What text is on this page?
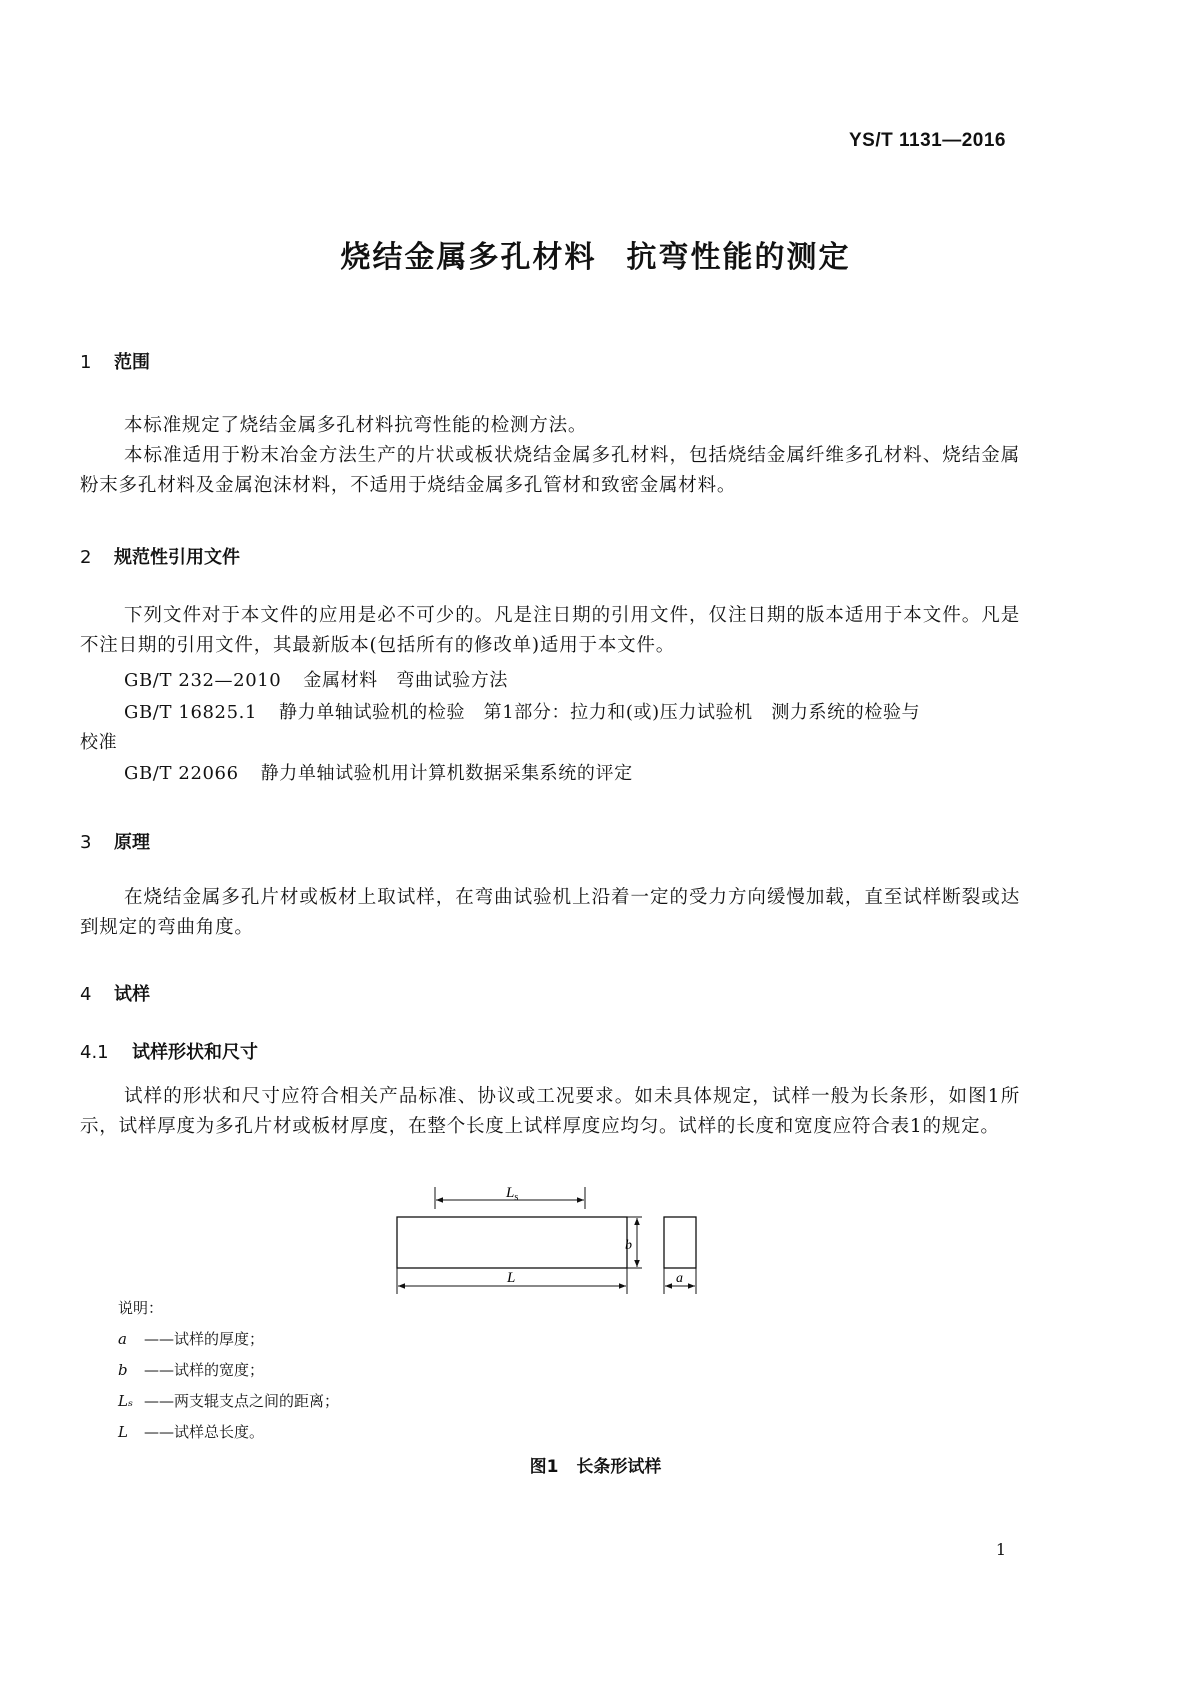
YS/T 1131—2016
烧结金属多孔材料 抗弯性能的测定
1 范围
本标准规定了烧结金属多孔材料抗弯性能的检测方法。
本标准适用于粉末冶金方法生产的片状或板状烧结金属多孔材料，包括烧结金属纤维多孔材料、烧结金属粉末多孔材料及金属泡沫材料，不适用于烧结金属多孔管材和致密金属材料。
2 规范性引用文件
下列文件对于本文件的应用是必不可少的。凡是注日期的引用文件，仅注日期的版本适用于本文件。凡是不注日期的引用文件，其最新版本(包括所有的修改单)适用于本文件。
GB/T 232—2010 金属材料　弯曲试验方法
GB/T 16825.1 静力单轴试验机的检验　第1部分：拉力和(或)压力试验机　测力系统的检验与
校准
GB/T 22066 静力单轴试验机用计算机数据采集系统的评定
3 原理
在烧结金属多孔片材或板材上取试样，在弯曲试验机上沿着一定的受力方向缓慢加载，直至试样断裂或达到规定的弯曲角度。
4 试样
4.1 试样形状和尺寸
试样的形状和尺寸应符合相关产品标准、协议或工况要求。如未具体规定，试样一般为长条形，如图1所示，试样厚度为多孔片材或板材厚度，在整个长度上试样厚度应均匀。试样的长度和宽度应符合表1的规定。
$L_s$
b
L	a
说明：
a ——试样的厚度；
b ——试样的宽度；
Lₛ ——两支辊支点之间的距离；
L ——试样总长度。
图1 长条形试样
1
